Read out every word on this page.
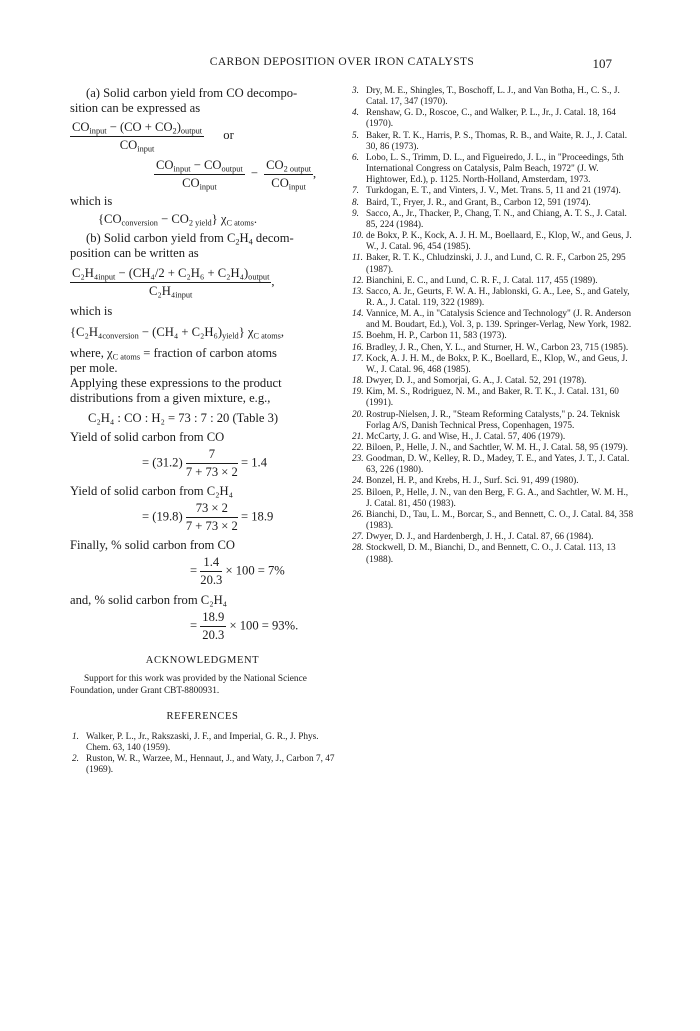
CARBON DEPOSITION OVER IRON CATALYSTS	107

(a) Solid carbon yield from CO decompo-

sition can be expressed as

$\frac{CO_{input} - (CO + CO_2)_{output}}{CO_{input}}$ or
$\frac{CO_{input} - CO_{output}}{CO_{input}} - \frac{CO_{2 output}}{CO_{input}}$ ,

which is

$\{CO_{conversion} - CO_{2 yield}\}$ $\chi_{C atoms}$.

(b) Solid carbon yield from $C_2H_4$ decom-

position can be written as

$\frac{C_2H_4_{input} - (CH_4/2 + C_2H_6 + C_2H_4)_{output}}{C_2H_4_{input}}$ ,

which is

$\{C_2H_4_{conversion} - (CH_4 + C_2H_6)_{yield}\}$ $\chi_{C atoms}$,

where, $\chi_{C atoms}$ = fraction of carbon atoms

per mole.

Applying these expressions to the product

distributions from a given mixture, e.g.,

C₂H₄ : CO : H₂ = 73 : 7 : 20 (Table 3)

Yield of solid carbon from CO

= $(31.2) \frac{7}{7 + 73 \times 2} = 1.4$

Yield of solid carbon from C₂H₄

= $(19.8) \frac{73 \times 2}{7 + 73 \times 2} = 18.9$

Finally, % solid carbon from CO

= $\frac{1.4}{20.3} \times 100 = 7\%$

and, % solid carbon from C₂H₄

= $\frac{18.9}{20.3} \times 100 = 93\%$.

ACKNOWLEDGMENT

Support for this work was provided by the National Science Foundation, under Grant CBT-8800931.

REFERENCES

1. Walker, P. L., Jr., Rakszaski, J. F., and Imperial, G. R., J. Phys. Chem. 63, 140 (1959).

2. Ruston, W. R., Warzee, M., Hennaut, J., and Waty, J., Carbon 7, 47 (1969).

3. Dry, M. E., Shingles, T., Boschoff, L. J., and Van Botha, H., C. S., J. Catal. 17, 347 (1970).

4. Renshaw, G. D., Roscoe, C., and Walker, P. L., Jr., J. Catal. 18, 164 (1970).

5. Baker, R. T. K., Harris, P. S., Thomas, R. B., and Waite, R. J., J. Catal. 30, 86 (1973).

6. Lobo, L. S., Trimm, D. L., and Figueiredo, J. L., in "Proceedings, 5th International Congress on Catalysis, Palm Beach, 1972" (J. W. Hightower, Ed.), p. 1125. North-Holland, Amsterdam, 1973.

7. Turkdogan, E. T., and Vinters, J. V., Met. Trans. 5, 11 and 21 (1974).

8. Baird, T., Fryer, J. R., and Grant, B., Carbon 12, 591 (1974).

9. Sacco, A., Jr., Thacker, P., Chang, T. N., and Chiang, A. T. S., J. Catal. 85, 224 (1984).

10. de Bokx, P. K., Kock, A. J. H. M., Boellaard, E., Klop, W., and Geus, J. W., J. Catal. 96, 454 (1985).

11. Baker, R. T. K., Chludzinski, J. J., and Lund, C. R. F., Carbon 25, 295 (1987).

12. Bianchini, E. C., and Lund, C. R. F., J. Catal. 117, 455 (1989).

13. Sacco, A. Jr., Geurts, F. W. A. H., Jablonski, G. A., Lee, S., and Gately, R. A., J. Catal. 119, 322 (1989).

14. Vannice, M. A., in "Catalysis Science and Technology" (J. R. Anderson and M. Boudart, Ed.), Vol. 3, p. 139. Springer-Verlag, New York, 1982.

15. Boehm, H. P., Carbon 11, 583 (1973).

16. Bradley, J. R., Chen, Y. L., and Sturner, H. W., Carbon 23, 715 (1985).

17. Kock, A. J. H. M., de Bokx, P. K., Boellard, E., Klop, W., and Geus, J. W., J. Catal. 96, 468 (1985).

18. Dwyer, D. J., and Somorjai, G. A., J. Catal. 52, 291 (1978).

19. Kim, M. S., Rodriguez, N. M., and Baker, R. T. K., J. Catal. 131, 60 (1991).

20. Rostrup-Nielsen, J. R., "Steam Reforming Catalysts," p. 24. Teknisk Forlag A/S, Danish Technical Press, Copenhagen, 1975.

21. McCarty, J. G. and Wise, H., J. Catal. 57, 406 (1979).

22. Biloen, P., Helle, J. N., and Sachtler, W. M. H., J. Catal. 58, 95 (1979).

23. Goodman, D. W., Kelley, R. D., Madey, T. E., and Yates, J. T., J. Catal. 63, 226 (1980).

24. Bonzel, H. P., and Krebs, H. J., Surf. Sci. 91, 499 (1980).

25. Biloen, P., Helle, J. N., van den Berg, F. G. A., and Sachtler, W. M. H., J. Catal. 81, 450 (1983).

26. Bianchi, D., Tau, L. M., Borcar, S., and Bennett, C. O., J. Catal. 84, 358 (1983).

27. Dwyer, D. J., and Hardenbergh, J. H., J. Catal. 87, 66 (1984).

28. Stockwell, D. M., Bianchi, D., and Bennett, C. O., J. Catal. 113, 13 (1988).
